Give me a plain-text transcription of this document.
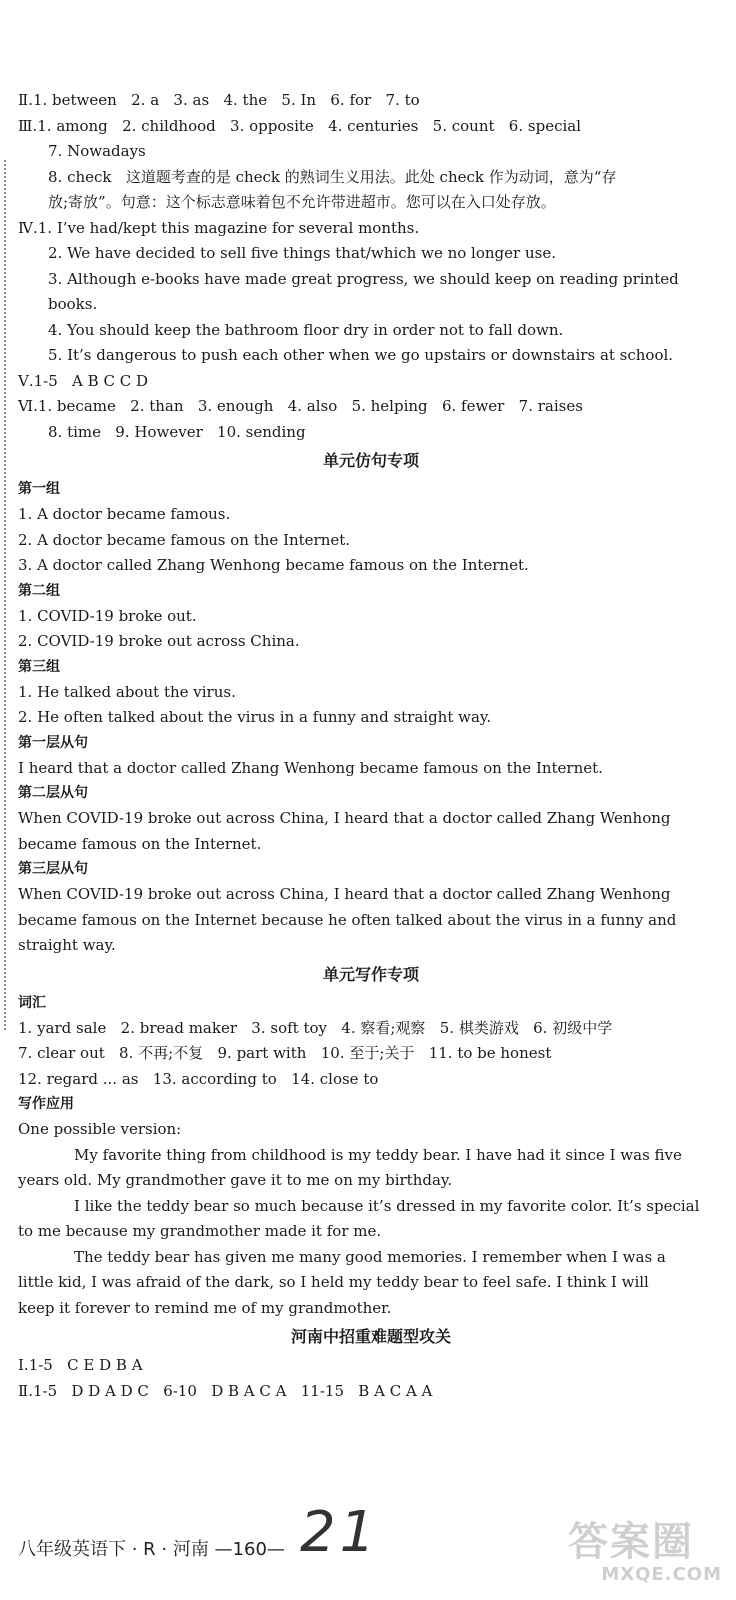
Ⅱ.1. between   2. a   3. as   4. the   5. In   6. for   7. to
Ⅲ.1. among   2. childhood   3. opposite   4. centuries   5. count   6. special
7. Nowadays
8. check   这道题考查的是 check 的熟词生义用法。此处 check 作为动词，意为“存
放;寄放”。句意：这个标志意味着包不允许带进超市。您可以在入口处存放。
Ⅳ.1. I’ve had/kept this magazine for several months.
2. We have decided to sell five things that/which we no longer use.
3. Although e-books have made great progress, we should keep on reading printed
books.
4. You should keep the bathroom floor dry in order not to fall down.
5. It’s dangerous to push each other when we go upstairs or downstairs at school.
Ⅴ.1-5   A B C C D
Ⅵ.1. became   2. than   3. enough   4. also   5. helping   6. fewer   7. raises
8. time   9. However   10. sending
单元仿句专项
第一组
1. A doctor became famous.
2. A doctor became famous on the Internet.
3. A doctor called Zhang Wenhong became famous on the Internet.
第二组
1. COVID-19 broke out.
2. COVID-19 broke out across China.
第三组
1. He talked about the virus.
2. He often talked about the virus in a funny and straight way.
第一层从句
I heard that a doctor called Zhang Wenhong became famous on the Internet.
第二层从句
When COVID-19 broke out across China, I heard that a doctor called Zhang Wenhong
became famous on the Internet.
第三层从句
When COVID-19 broke out across China, I heard that a doctor called Zhang Wenhong
became famous on the Internet because he often talked about the virus in a funny and
straight way.
单元写作专项
词汇
1. yard sale   2. bread maker   3. soft toy   4. 察看;观察   5. 棋类游戏   6. 初级中学
7. clear out   8. 不再;不复   9. part with   10. 至于;关于   11. to be honest
12. regard ... as   13. according to   14. close to
写作应用
One possible version:
My favorite thing from childhood is my teddy bear. I have had it since I was five
years old. My grandmother gave it to me on my birthday.
I like the teddy bear so much because it’s dressed in my favorite color. It’s special
to me because my grandmother made it for me.
The teddy bear has given me many good memories. I remember when I was a
little kid, I was afraid of the dark, so I held my teddy bear to feel safe. I think I will
keep it forever to remind me of my grandmother.
河南中招重难题型攻关
Ⅰ.1-5   C E D B A
Ⅱ.1-5   D D A D C   6-10   D B A C A   11-15   B A C A A
八年级英语下 · R · 河南 —160— 21	答案圈
MXQE.COM
